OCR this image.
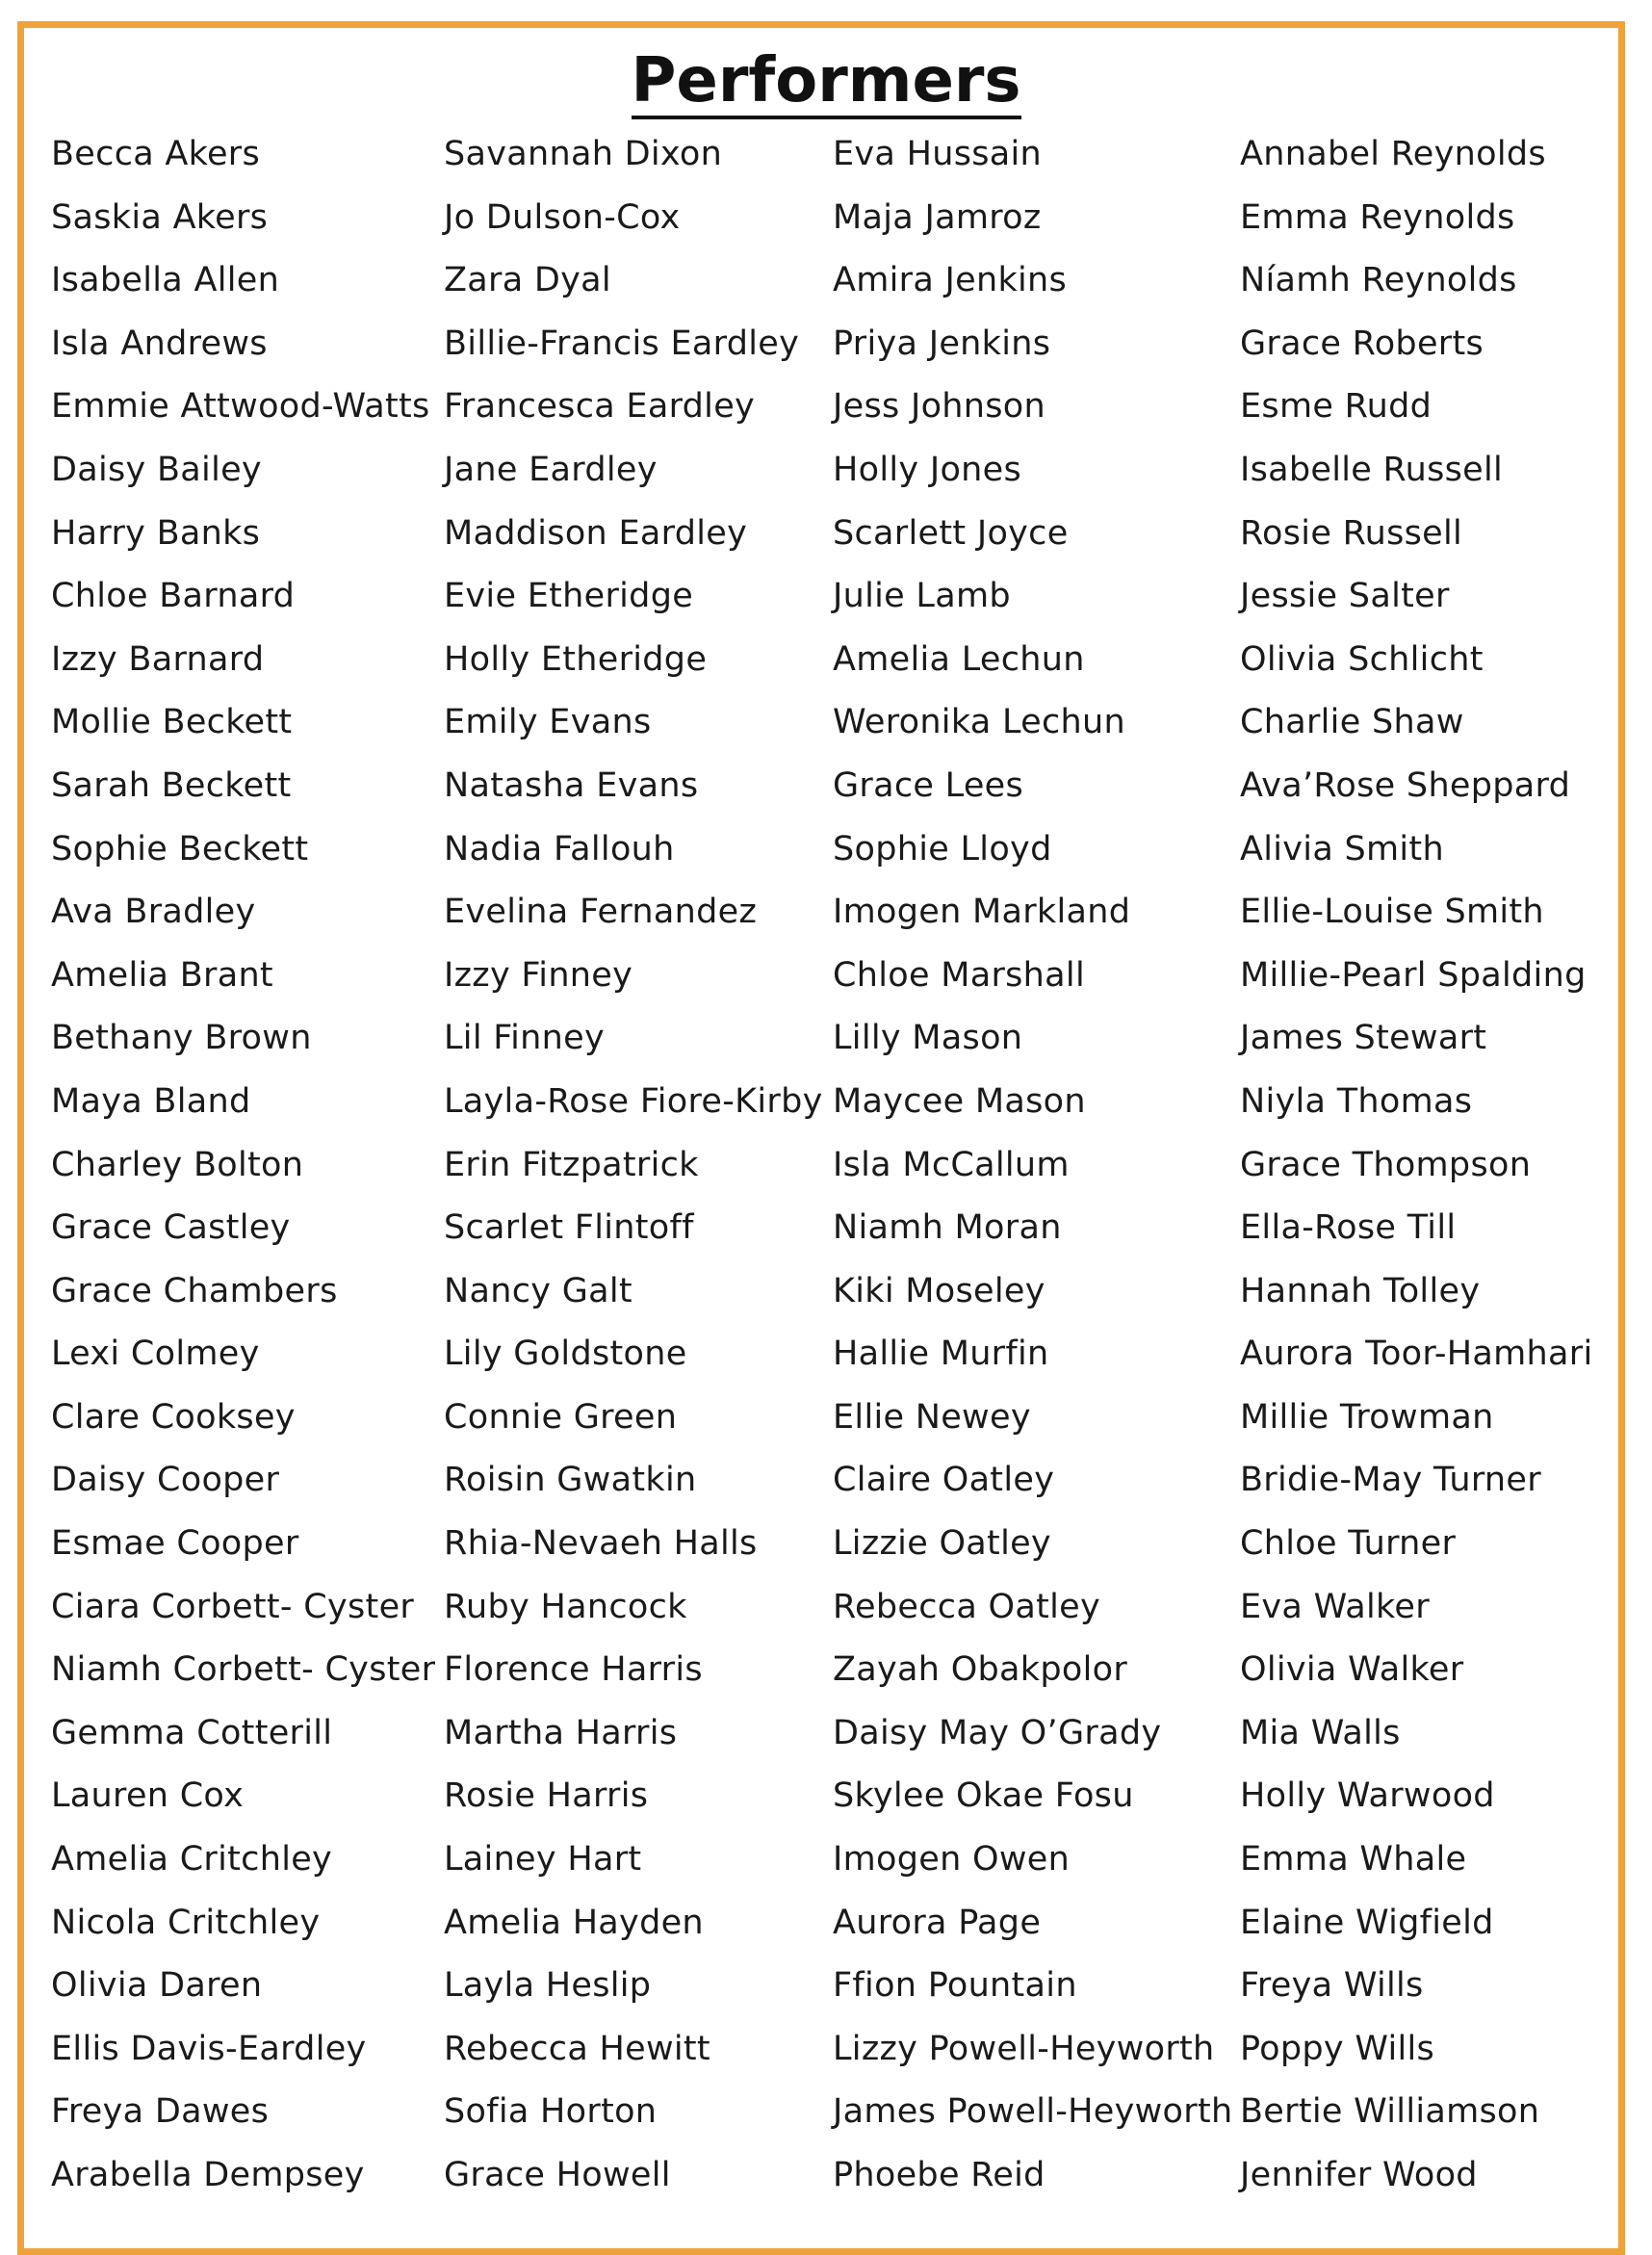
Performers
Becca Akers
Saskia Akers
Isabella Allen
Isla Andrews
Emmie Attwood-Watts
Daisy Bailey
Harry Banks
Chloe Barnard
Izzy Barnard
Mollie Beckett
Sarah Beckett
Sophie Beckett
Ava Bradley
Amelia Brant
Bethany Brown
Maya Bland
Charley Bolton
Grace Castley
Grace Chambers
Lexi Colmey
Clare Cooksey
Daisy Cooper
Esmae Cooper
Ciara Corbett- Cyster
Niamh Corbett- Cyster
Gemma Cotterill
Lauren Cox
Amelia Critchley
Nicola Critchley
Olivia Daren
Ellis Davis-Eardley
Freya Dawes
Arabella Dempsey
Savannah Dixon
Jo Dulson-Cox
Zara Dyal
Billie-Francis Eardley
Francesca Eardley
Jane Eardley
Maddison Eardley
Evie Etheridge
Holly Etheridge
Emily Evans
Natasha Evans
Nadia Fallouh
Evelina Fernandez
Izzy Finney
Lil Finney
Layla-Rose Fiore-Kirby
Erin Fitzpatrick
Scarlet Flintoff
Nancy Galt
Lily Goldstone
Connie Green
Roisin Gwatkin
Rhia-Nevaeh Halls
Ruby Hancock
Florence Harris
Martha Harris
Rosie Harris
Lainey Hart
Amelia Hayden
Layla Heslip
Rebecca Hewitt
Sofia Horton
Grace Howell
Eva Hussain
Maja Jamroz
Amira Jenkins
Priya Jenkins
Jess Johnson
Holly Jones
Scarlett Joyce
Julie Lamb
Amelia Lechun
Weronika Lechun
Grace Lees
Sophie Lloyd
Imogen Markland
Chloe Marshall
Lilly Mason
Maycee Mason
Isla McCallum
Niamh Moran
Kiki Moseley
Hallie Murfin
Ellie Newey
Claire Oatley
Lizzie Oatley
Rebecca Oatley
Zayah Obakpolor
Daisy May O’Grady
Skylee Okae Fosu
Imogen Owen
Aurora Page
Ffion Pountain
Lizzy Powell-Heyworth
James Powell-Heyworth
Phoebe Reid
Annabel Reynolds
Emma Reynolds
Níamh Reynolds
Grace Roberts
Esme Rudd
Isabelle Russell
Rosie Russell
Jessie Salter
Olivia Schlicht
Charlie Shaw
Ava’Rose Sheppard
Alivia Smith
Ellie-Louise Smith
Millie-Pearl Spalding
James Stewart
Niyla Thomas
Grace Thompson
Ella-Rose Till
Hannah Tolley
Aurora Toor-Hamhari
Millie Trowman
Bridie-May Turner
Chloe Turner
Eva Walker
Olivia Walker
Mia Walls
Holly Warwood
Emma Whale
Elaine Wigfield
Freya Wills
Poppy Wills
Bertie Williamson
Jennifer Wood
